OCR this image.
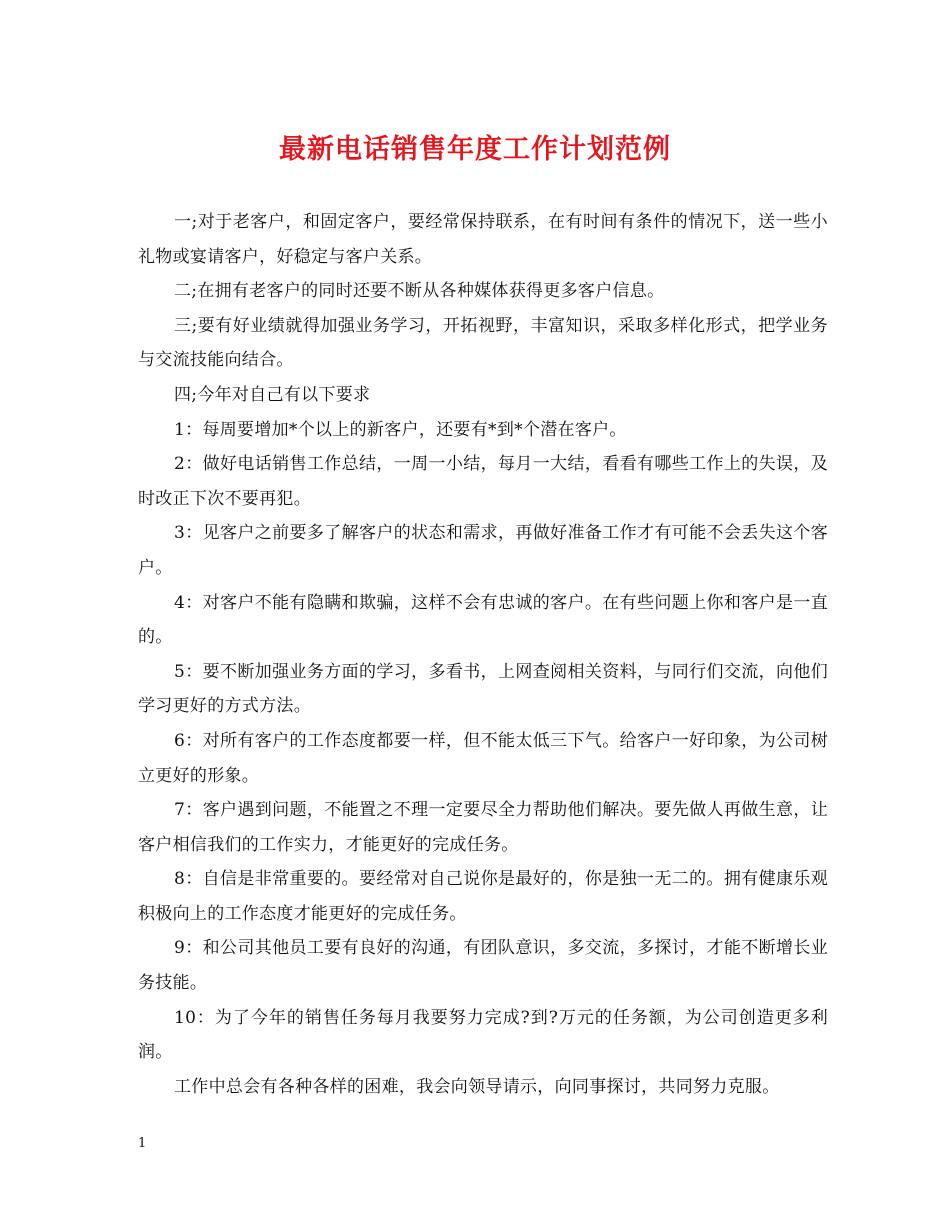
最新电话销售年度工作计划范例

一;对于老客户，和固定客户，要经常保持联系，在有时间有条件的情况下，送一些小礼物或宴请客户，好稳定与客户关系。

二;在拥有老客户的同时还要不断从各种媒体获得更多客户信息。

三;要有好业绩就得加强业务学习，开拓视野，丰富知识，采取多样化形式，把学业务与交流技能向结合。

四;今年对自己有以下要求

1：每周要增加*个以上的新客户，还要有*到*个潜在客户。

2：做好电话销售工作总结，一周一小结，每月一大结，看看有哪些工作上的失误，及时改正下次不要再犯。

3：见客户之前要多了解客户的状态和需求，再做好准备工作才有可能不会丢失这个客户。

4：对客户不能有隐瞒和欺骗，这样不会有忠诚的客户。在有些问题上你和客户是一直的。

5：要不断加强业务方面的学习，多看书，上网查阅相关资料，与同行们交流，向他们学习更好的方式方法。

6：对所有客户的工作态度都要一样，但不能太低三下气。给客户一好印象，为公司树立更好的形象。

7：客户遇到问题，不能置之不理一定要尽全力帮助他们解决。要先做人再做生意，让客户相信我们的工作实力，才能更好的完成任务。

8：自信是非常重要的。要经常对自己说你是最好的，你是独一无二的。拥有健康乐观积极向上的工作态度才能更好的完成任务。

9：和公司其他员工要有良好的沟通，有团队意识，多交流，多探讨，才能不断增长业务技能。

10：为了今年的销售任务每月我要努力完成?到?万元的任务额，为公司创造更多利润。

工作中总会有各种各样的困难，我会向领导请示，向同事探讨，共同努力克服。

1
